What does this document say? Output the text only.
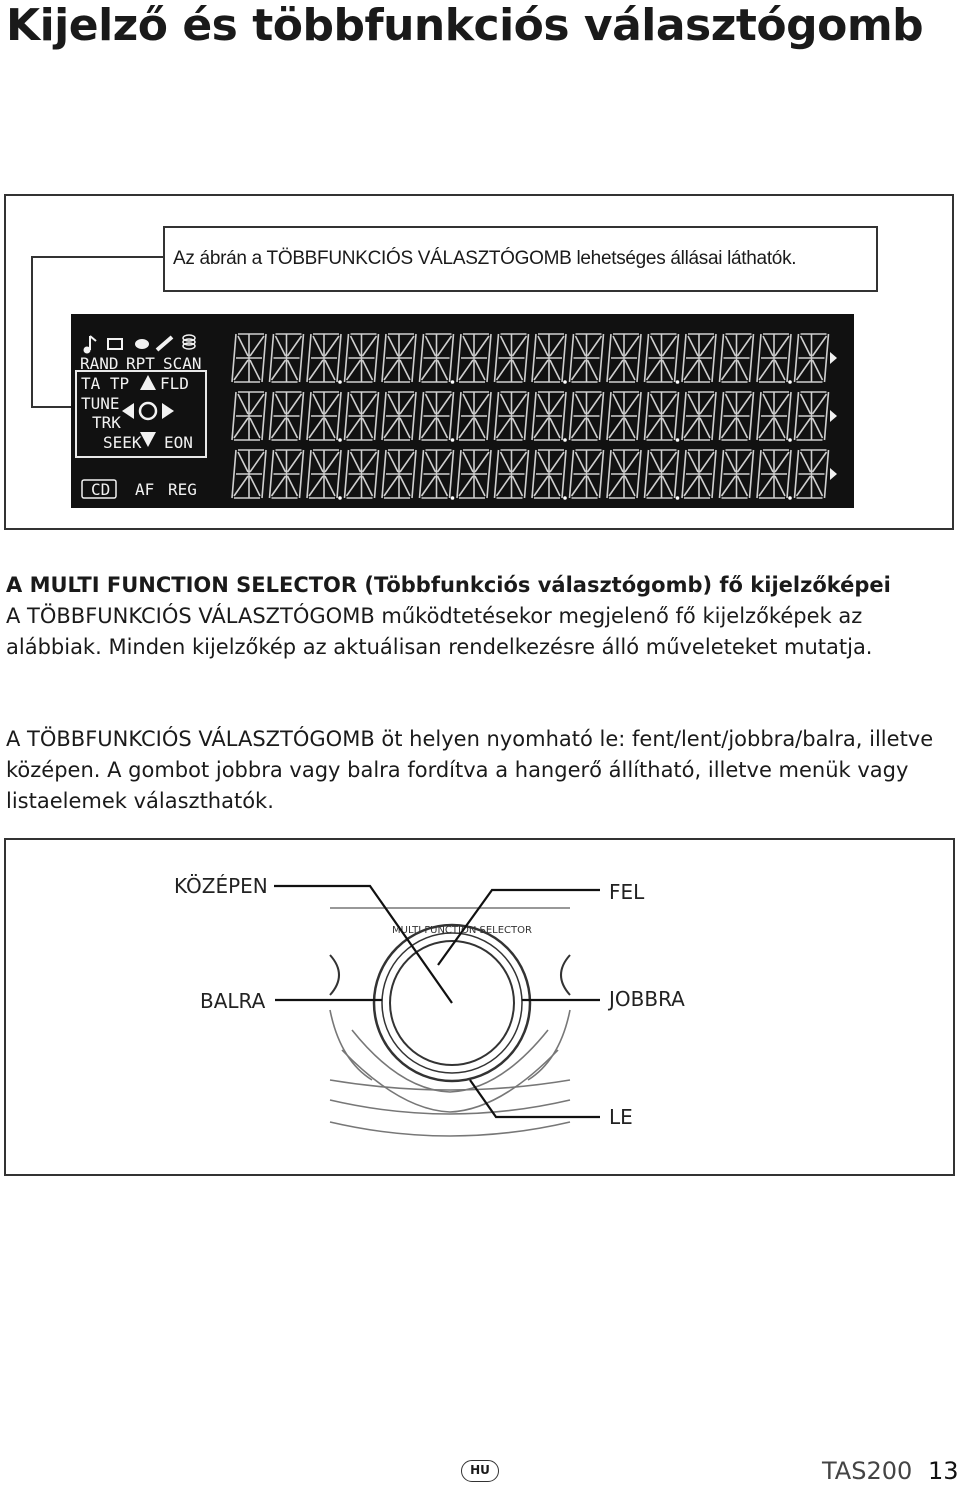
Kijelző és többfunkciós választógomb
Az ábrán a TÖBBFUNKCIÓS VÁLASZTÓGOMB lehetséges állásai láthatók.
RAND RPT SCAN
TA TP FLD
TUNE
TRK
SEEK EON
CD AF REG

A MULTI FUNCTION SELECTOR (Többfunkciós választógomb) fő kijelzőképei
A TÖBBFUNKCIÓS VÁLASZTÓGOMB működtetésekor megjelenő fő kijelzőképek az alábbiak. Minden kijelzőkép az aktuálisan rendelkezésre álló műveleteket mutatja.

A TÖBBFUNKCIÓS VÁLASZTÓGOMB öt helyen nyomható le: fent/lent/jobbra/balra, illetve középen. A gombot jobbra vagy balra fordítva a hangerő állítható, illetve menük vagy listaelemek választhatók.

MULTI FUNCTION SELECTOR
KÖZÉPEN	FEL
BALRA	JOBBRA
LE
HU	TAS200 13
